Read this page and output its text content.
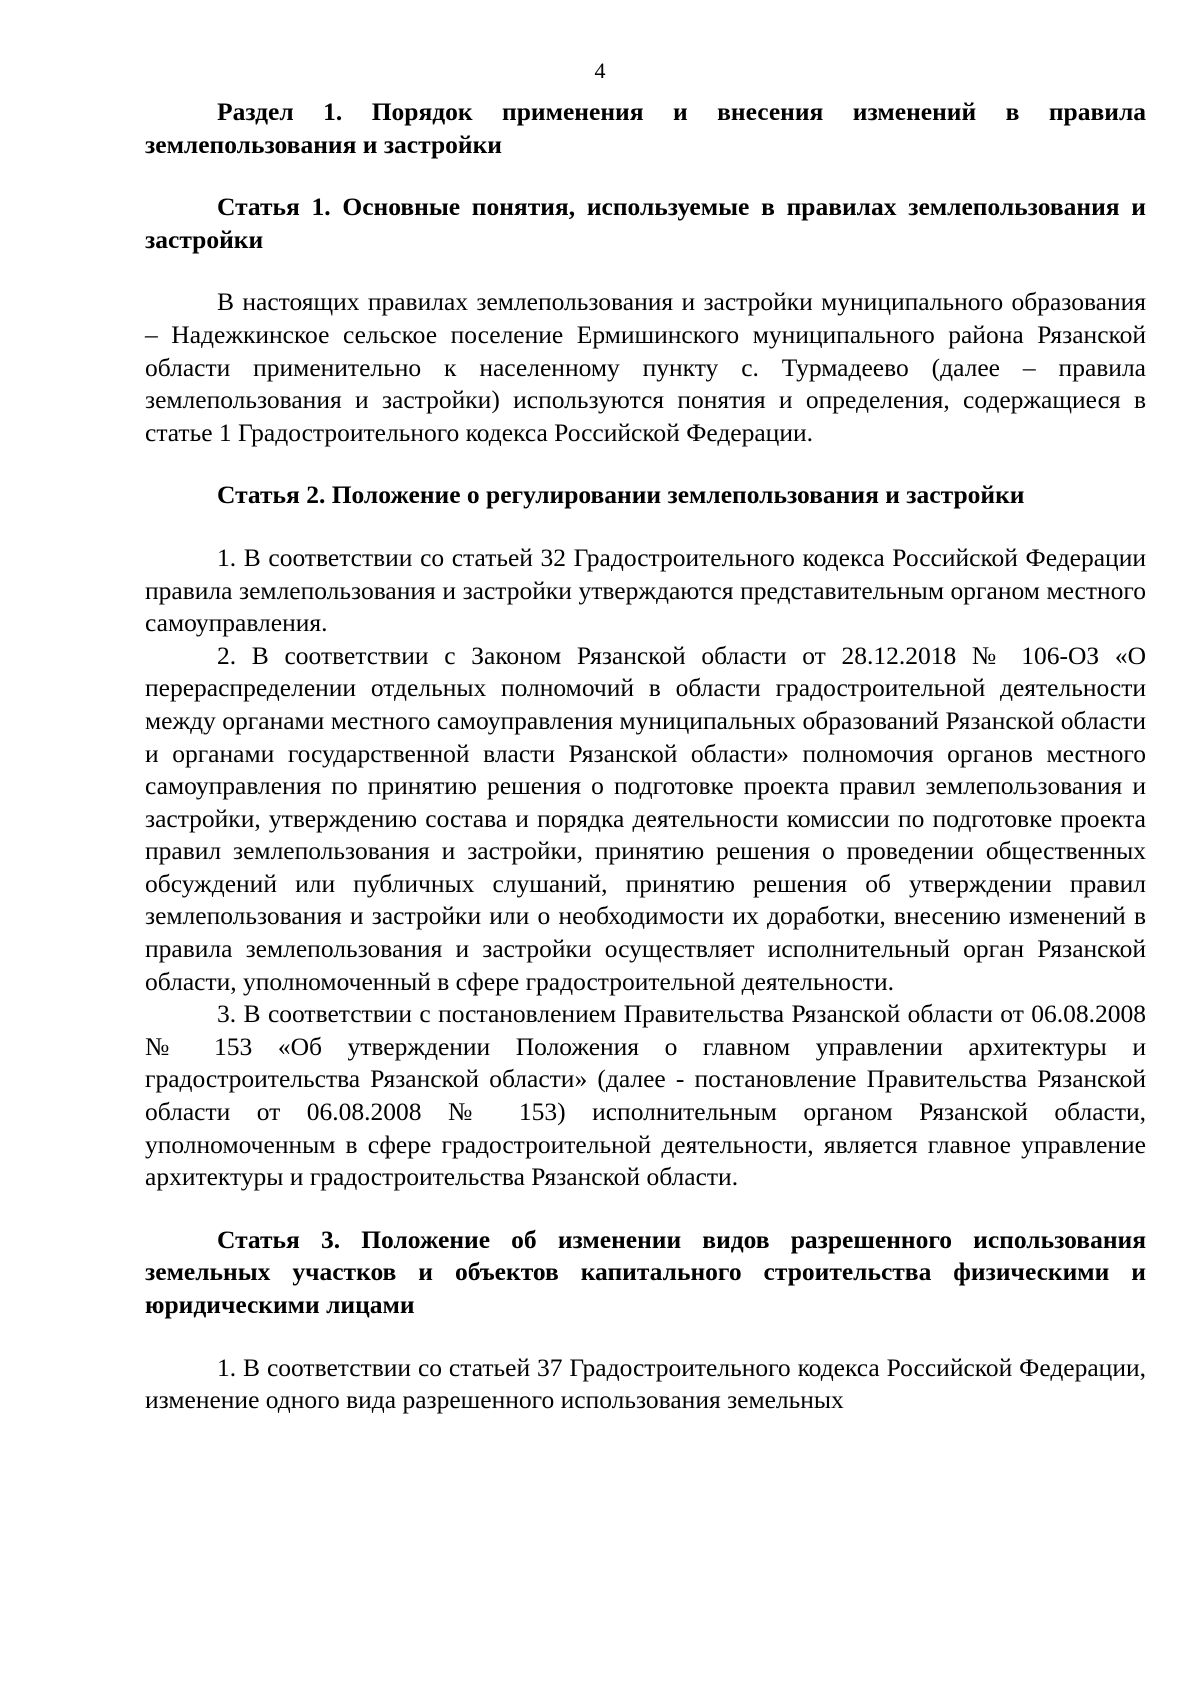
4

Раздел 1. Порядок применения и внесения изменений в правила землепользования и застройки

Статья 1. Основные понятия, используемые в правилах землепользования и застройки

В настоящих правилах землепользования и застройки муниципального образования – Надежкинское сельское поселение Ермишинского муниципального района Рязанской области применительно к населенному пункту с. Турмадеево (далее – правила землепользования и застройки) используются понятия и определения, содержащиеся в статье 1 Градостроительного кодекса Российской Федерации.

Статья 2. Положение о регулировании землепользования и застройки

1. В соответствии со статьей 32 Градостроительного кодекса Российской Федерации правила землепользования и застройки утверждаются представительным органом местного самоуправления.

2. В соответствии с Законом Рязанской области от 28.12.2018 № 106-ОЗ «О перераспределении отдельных полномочий в области градостроительной деятельности между органами местного самоуправления муниципальных образований Рязанской области и органами государственной власти Рязанской области» полномочия органов местного самоуправления по принятию решения о подготовке проекта правил землепользования и застройки, утверждению состава и порядка деятельности комиссии по подготовке проекта правил землепользования и застройки, принятию решения о проведении общественных обсуждений или публичных слушаний, принятию решения об утверждении правил землепользования и застройки или о необходимости их доработки, внесению изменений в правила землепользования и застройки осуществляет исполнительный орган Рязанской области, уполномоченный в сфере градостроительной деятельности.

3. В соответствии с постановлением Правительства Рязанской области от 06.08.2008 № 153 «Об утверждении Положения о главном управлении архитектуры и градостроительства Рязанской области» (далее - постановление Правительства Рязанской области от 06.08.2008 № 153) исполнительным органом Рязанской области, уполномоченным в сфере градостроительной деятельности, является главное управление архитектуры и градостроительства Рязанской области.

Статья 3. Положение об изменении видов разрешенного использования земельных участков и объектов капитального строительства физическими и юридическими лицами

1. В соответствии со статьей 37 Градостроительного кодекса Российской Федерации, изменение одного вида разрешенного использования земельных
